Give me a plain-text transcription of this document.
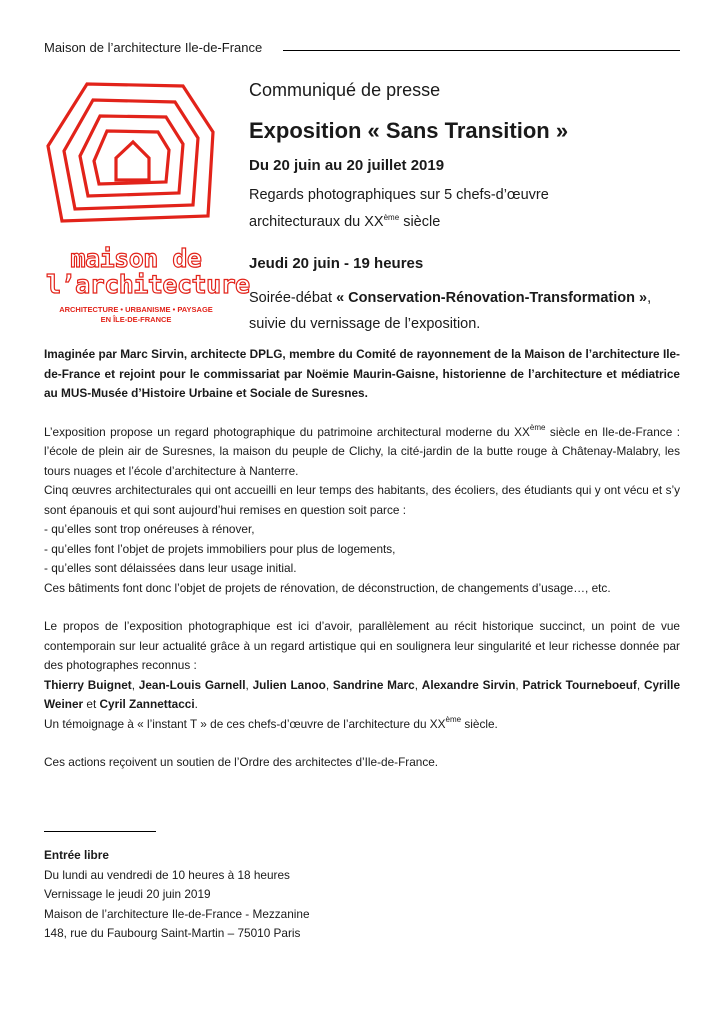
Maison de l’architecture Ile-de-France
maison de
l’architecture
ARCHITECTURE • URBANISME • PAYSAGE
EN ÎLE-DE-FRANCE
Communiqué de presse
Exposition « Sans Transition »
Du 20 juin au 20 juillet 2019
Regards photographiques sur 5 chefs-d’œuvre
architecturaux du XXème siècle
Jeudi 20 juin - 19 heures
Soirée-débat « Conservation-Rénovation-Transformation », suivie du vernissage de l’exposition.

Imaginée par Marc Sirvin, architecte DPLG, membre du Comité de rayonnement de la Maison de l’architecture Ile-de-France et rejoint pour le commissariat par Noëmie Maurin-Gaisne, historienne de l’architecture et médiatrice au MUS-Musée d’Histoire Urbaine et Sociale de Suresnes.

L’exposition propose un regard photographique du patrimoine architectural moderne du XXème siècle en Ile-de-France : l’école de plein air de Suresnes, la maison du peuple de Clichy, la cité-jardin de la butte rouge à Châtenay-Malabry, les tours nuages et l’école d’architecture à Nanterre.

Cinq œuvres architecturales qui ont accueilli en leur temps des habitants, des écoliers, des étudiants qui y ont vécu et s’y sont épanouis et qui sont aujourd’hui remises en question soit parce :

- qu’elles sont trop onéreuses à rénover,

- qu’elles font l’objet de projets immobiliers pour plus de logements,

- qu’elles sont délaissées dans leur usage initial.

Ces bâtiments font donc l’objet de projets de rénovation, de déconstruction, de changements d’usage…, etc.

Le propos de l’exposition photographique est ici d’avoir, parallèlement au récit historique succinct, un point de vue contemporain sur leur actualité grâce à un regard artistique qui en soulignera leur singularité et leur richesse donnée par des photographes reconnus :

Thierry Buignet, Jean-Louis Garnell, Julien Lanoo, Sandrine Marc, Alexandre Sirvin, Patrick Tourneboeuf, Cyrille Weiner et Cyril Zannettacci.

Un témoignage à « l’instant T » de ces chefs-d’œuvre de l’architecture du XXème siècle.

Ces actions reçoivent un soutien de l’Ordre des architectes d’Ile-de-France.

Entrée libre
Du lundi au vendredi de 10 heures à 18 heures
Vernissage le jeudi 20 juin 2019
Maison de l’architecture Ile-de-France - Mezzanine
148, rue du Faubourg Saint-Martin – 75010 Paris
